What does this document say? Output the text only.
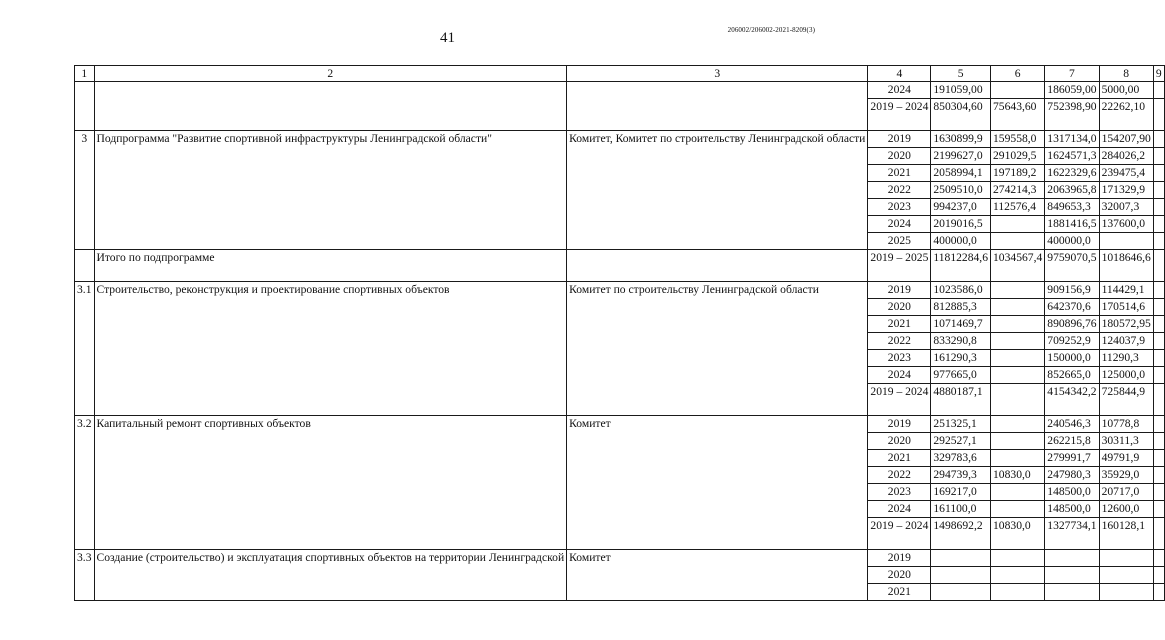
41	206002/206002-2021-8209(3)
1	2	3	4	5	6	7	8	9
			2024	191059,00		186059,00	5000,00	
			2019 – 2024	850304,60	75643,60	752398,90	22262,10	
3	Подпрограмма "Развитие спортивной инфраструктуры Ленинградской области"	Комитет, Комитет по строительству Ленинградской области	2019	1630899,9	159558,0	1317134,0	154207,90	
			2020	2199627,0	291029,5	1624571,3	284026,2	
			2021	2058994,1	197189,2	1622329,6	239475,4	
			2022	2509510,0	274214,3	2063965,8	171329,9	
			2023	994237,0	112576,4	849653,3	32007,3	
			2024	2019016,5		1881416,5	137600,0	
			2025	400000,0		400000,0		
	Итого по подпрограмме		2019 – 2025	11812284,6	1034567,4	9759070,5	1018646,6	
3.1	Строительство, реконструкция и проектирование спортивных объектов	Комитет по строительству Ленинградской области	2019	1023586,0		909156,9	114429,1	
			2020	812885,3		642370,6	170514,6	
			2021	1071469,7		890896,76	180572,95	
			2022	833290,8		709252,9	124037,9	
			2023	161290,3		150000,0	11290,3	
			2024	977665,0		852665,0	125000,0	
			2019 – 2024	4880187,1		4154342,2	725844,9	
3.2	Капитальный ремонт спортивных объектов	Комитет	2019	251325,1		240546,3	10778,8	
			2020	292527,1		262215,8	30311,3	
			2021	329783,6		279991,7	49791,9	
			2022	294739,3	10830,0	247980,3	35929,0	
			2023	169217,0		148500,0	20717,0	
			2024	161100,0		148500,0	12600,0	
			2019 – 2024	1498692,2	10830,0	1327734,1	160128,1	
3.3	Создание (строительство) и эксплуатация спортивных объектов на территории Ленинградской	Комитет	2019					
			2020					
			2021					
